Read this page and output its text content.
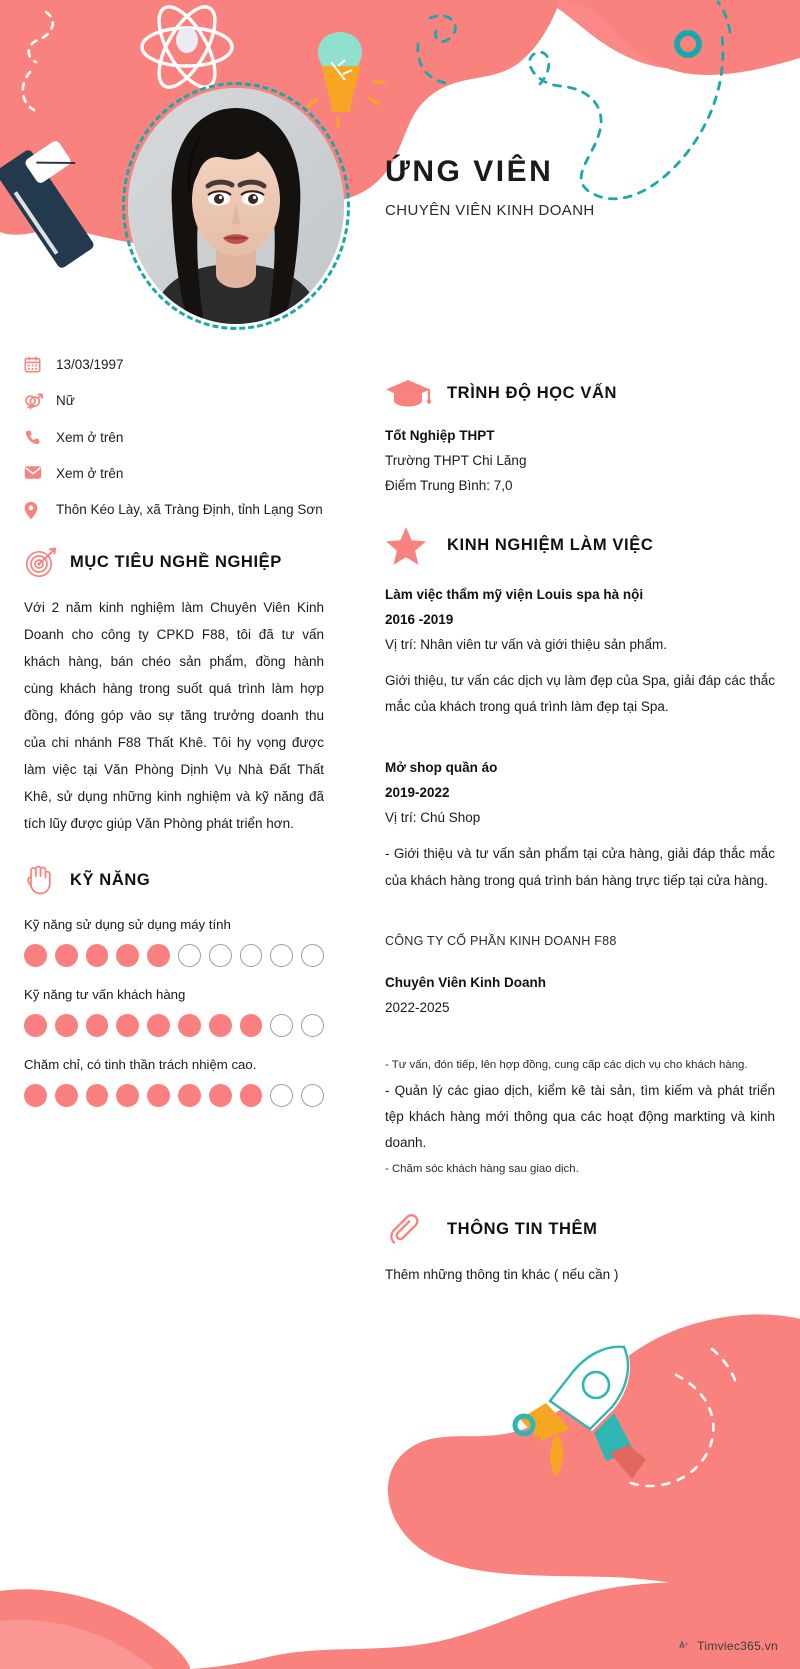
ỨNG VIÊN
CHUYÊN VIÊN KINH DOANH
13/03/1997
Nữ
Xem ở trên
Xem ở trên
Thôn Kéo Lày, xã Tràng Định, tỉnh Lạng Sơn
MỤC TIÊU NGHỀ NGHIỆP
Với 2 năm kinh nghiệm làm Chuyên Viên Kinh Doanh cho công ty CPKD F88, tôi đã tư vấn khách hàng, bán chéo sản phẩm, đồng hành cùng khách hàng trong suốt quá trình làm hợp đồng, đóng góp vào sự tăng trưởng doanh thu của chi nhánh F88 Thất Khê. Tôi hy vọng được làm việc tại Văn Phòng Dịnh Vụ Nhà Đất Thất Khê, sử dụng những kinh nghiệm và kỹ năng đã tích lũy được giúp Văn Phòng phát triển hơn.
KỸ NĂNG
Kỹ năng sử dụng sử dụng máy tính
Kỹ năng tư vấn khách hàng
Chăm chỉ, có tinh thần trách nhiệm cao.
TRÌNH ĐỘ HỌC VẤN
Tốt Nghiệp THPT
Trường THPT Chi Lăng
Điểm Trung Bình: 7,0
KINH NGHIỆM LÀM VIỆC
Làm việc thẩm mỹ viện Louis spa hà nội
2016 -2019
Vị trí: Nhân viên tư vấn và giới thiệu sản phẩm.
Giới thiệu, tư vấn các dịch vụ làm đẹp của Spa, giải đáp các thắc mắc của khách trong quá trình làm đẹp tại Spa.
Mở shop quần áo
2019-2022
Vị trí: Chú Shop
- Giới thiệu và tư vấn sản phẩm tại cửa hàng, giải đáp thắc mắc của khách hàng trong quá trình bán hàng trực tiếp tại cửa hàng.
CÔNG TY CỔ PHẦN KINH DOANH F88
Chuyên Viên Kinh Doanh
2022-2025
- Tư vấn, đón tiếp, lên hợp đồng, cung cấp các dịch vụ cho khách hàng.
- Quản lý các giao dịch, kiểm kê tài sản, tìm kiếm và phát triển tệp khách hàng mới thông qua các hoạt động markting và kinh doanh.
- Chăm sóc khách hàng sau giao dịch.
THÔNG TIN THÊM
Thêm những thông tin khác ( nếu cần )
Timviec365.vn
